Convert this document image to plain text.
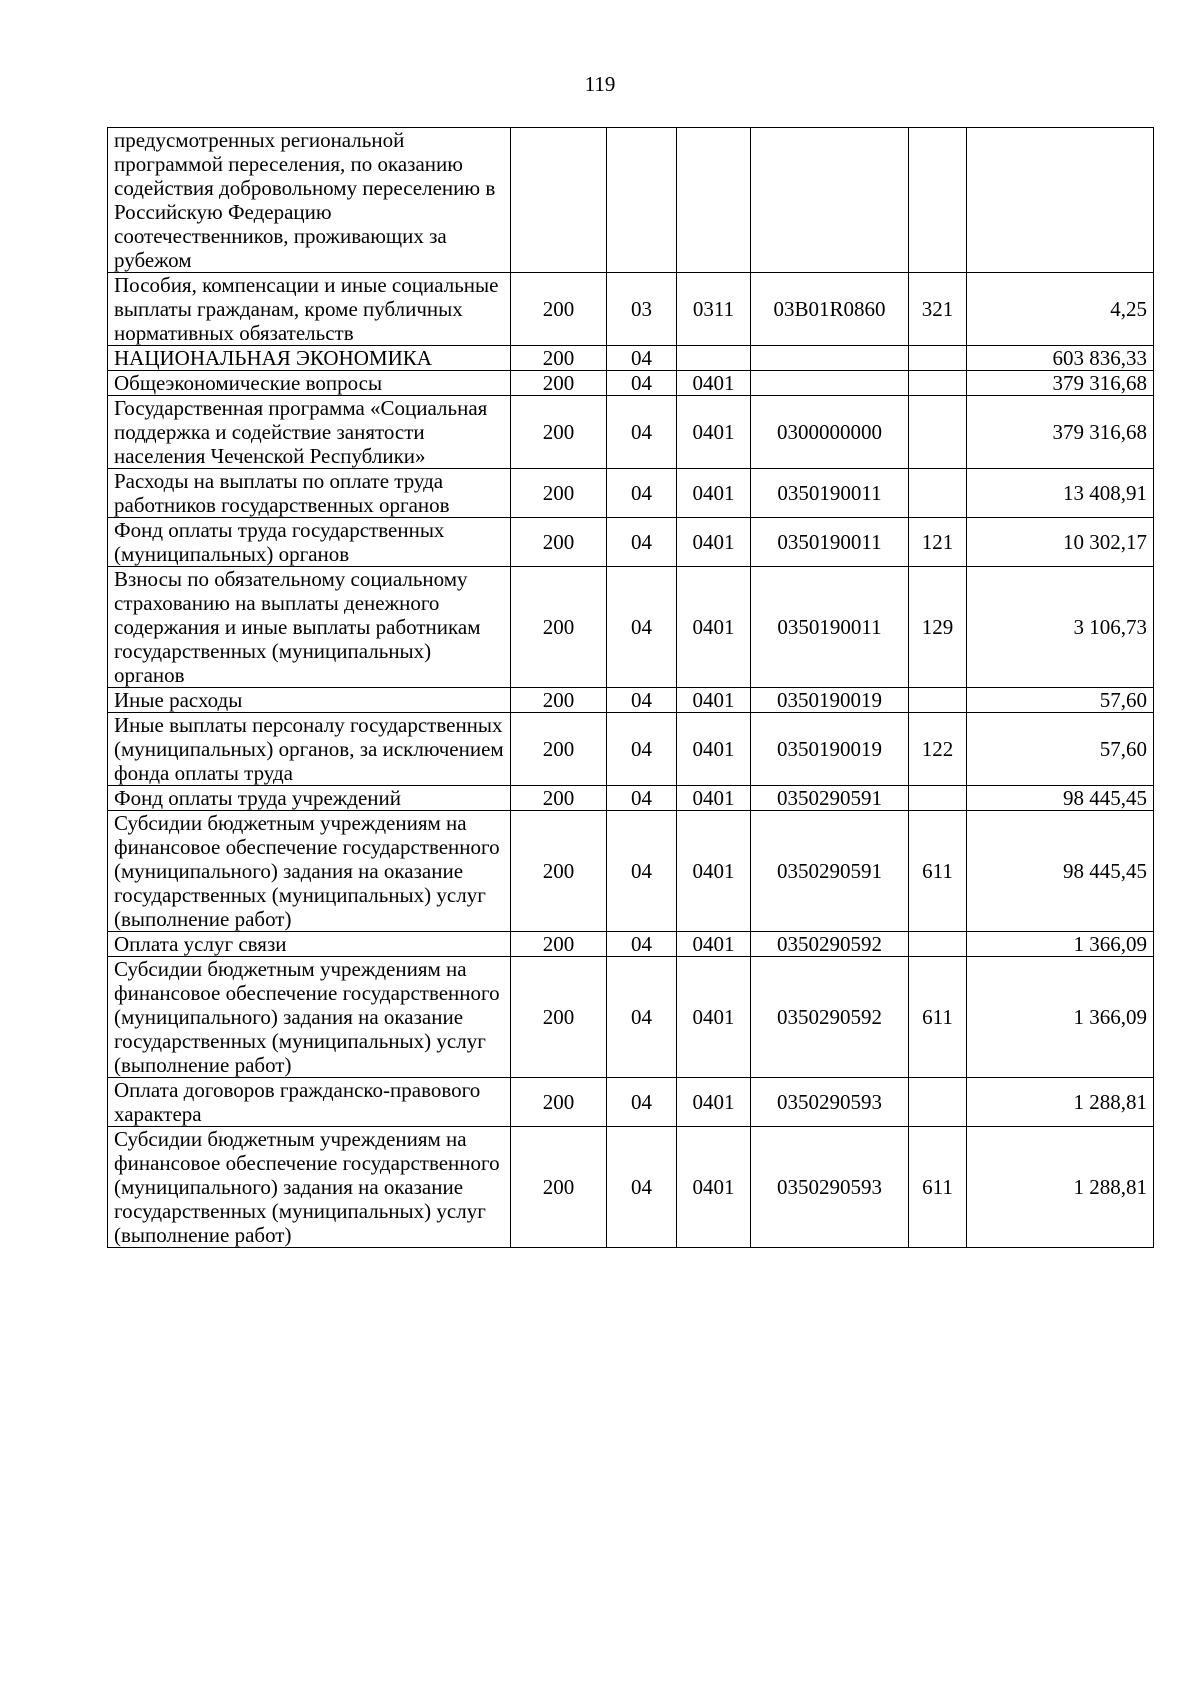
119
предусмотренных региональной программой переселения, по оказанию содействия добровольному переселению в Российскую Федерацию соотечественников, проживающих за рубежом						
Пособия, компенсации и иные социальные выплаты гражданам, кроме публичных нормативных обязательств	200	03	0311	03B01R0860	321	4,25
НАЦИОНАЛЬНАЯ ЭКОНОМИКА	200	04				603 836,33
Общеэкономические вопросы	200	04	0401			379 316,68
Государственная программа «Социальная поддержка и содействие занятости населения Чеченской Республики»	200	04	0401	0300000000		379 316,68
Расходы на выплаты по оплате труда работников государственных органов	200	04	0401	0350190011		13 408,91
Фонд оплаты труда государственных (муниципальных) органов	200	04	0401	0350190011	121	10 302,17
Взносы по обязательному социальному страхованию на выплаты денежного содержания и иные выплаты работникам государственных (муниципальных) органов	200	04	0401	0350190011	129	3 106,73
Иные расходы	200	04	0401	0350190019		57,60
Иные выплаты персоналу государственных (муниципальных) органов, за исключением фонда оплаты труда	200	04	0401	0350190019	122	57,60
Фонд оплаты труда учреждений	200	04	0401	0350290591		98 445,45
Субсидии бюджетным учреждениям на финансовое обеспечение государственного (муниципального) задания на оказание государственных (муниципальных) услуг (выполнение работ)	200	04	0401	0350290591	611	98 445,45
Оплата услуг связи	200	04	0401	0350290592		1 366,09
Субсидии бюджетным учреждениям на финансовое обеспечение государственного (муниципального) задания на оказание государственных (муниципальных) услуг (выполнение работ)	200	04	0401	0350290592	611	1 366,09
Оплата договоров гражданско-правового характера	200	04	0401	0350290593		1 288,81
Субсидии бюджетным учреждениям на финансовое обеспечение государственного (муниципального) задания на оказание государственных (муниципальных) услуг (выполнение работ)	200	04	0401	0350290593	611	1 288,81
